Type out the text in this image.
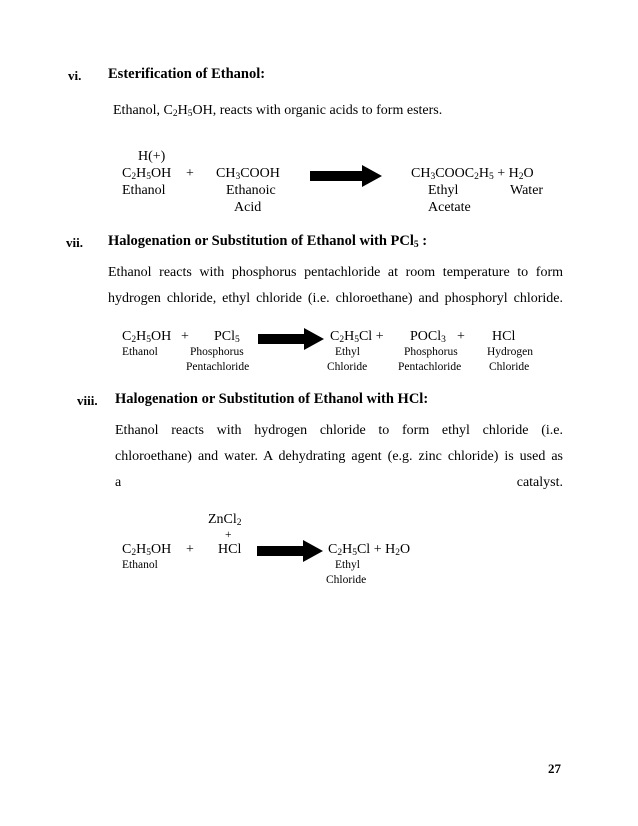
vi. Esterification of Ethanol:
Ethanol, $C_2H_5OH$, reacts with organic acids to form esters.
H(+)
$C_2H_5OH$ + $CH_3COOH$	$CH_3COOC_2H_5 + H_2O$
Ethanol	Ethanoic
Acid
Ethyl	Water
Acetate
vii. Halogenation or Substitution of Ethanol with PCl$_5$ :
Ethanol reacts with phosphorus pentachloride at room temperature to form
hydrogen chloride, ethyl chloride (i.e. chloroethane) and phosphoryl chloride.
$C_2H_5OH + PCl_5$	$C_2H_5Cl$ + POCl$_3$ + HCl
Ethanol	Phosphorus
Pentachloride
Ethyl
Chloride
Phosphorus
Pentachloride
Hydrogen
Chloride
viii. Halogenation or Substitution of Ethanol with HCl:
Ethanol reacts with hydrogen chloride to form ethyl chloride (i.e.
chloroethane) and water. A dehydrating agent (e.g. zinc chloride) is used as
a catalyst.
ZnCl$_2$
+
$C_2H_5OH$ + HCl	$C_2H_5Cl + H_2O$
Ethanol	Ethyl
Chloride
27
